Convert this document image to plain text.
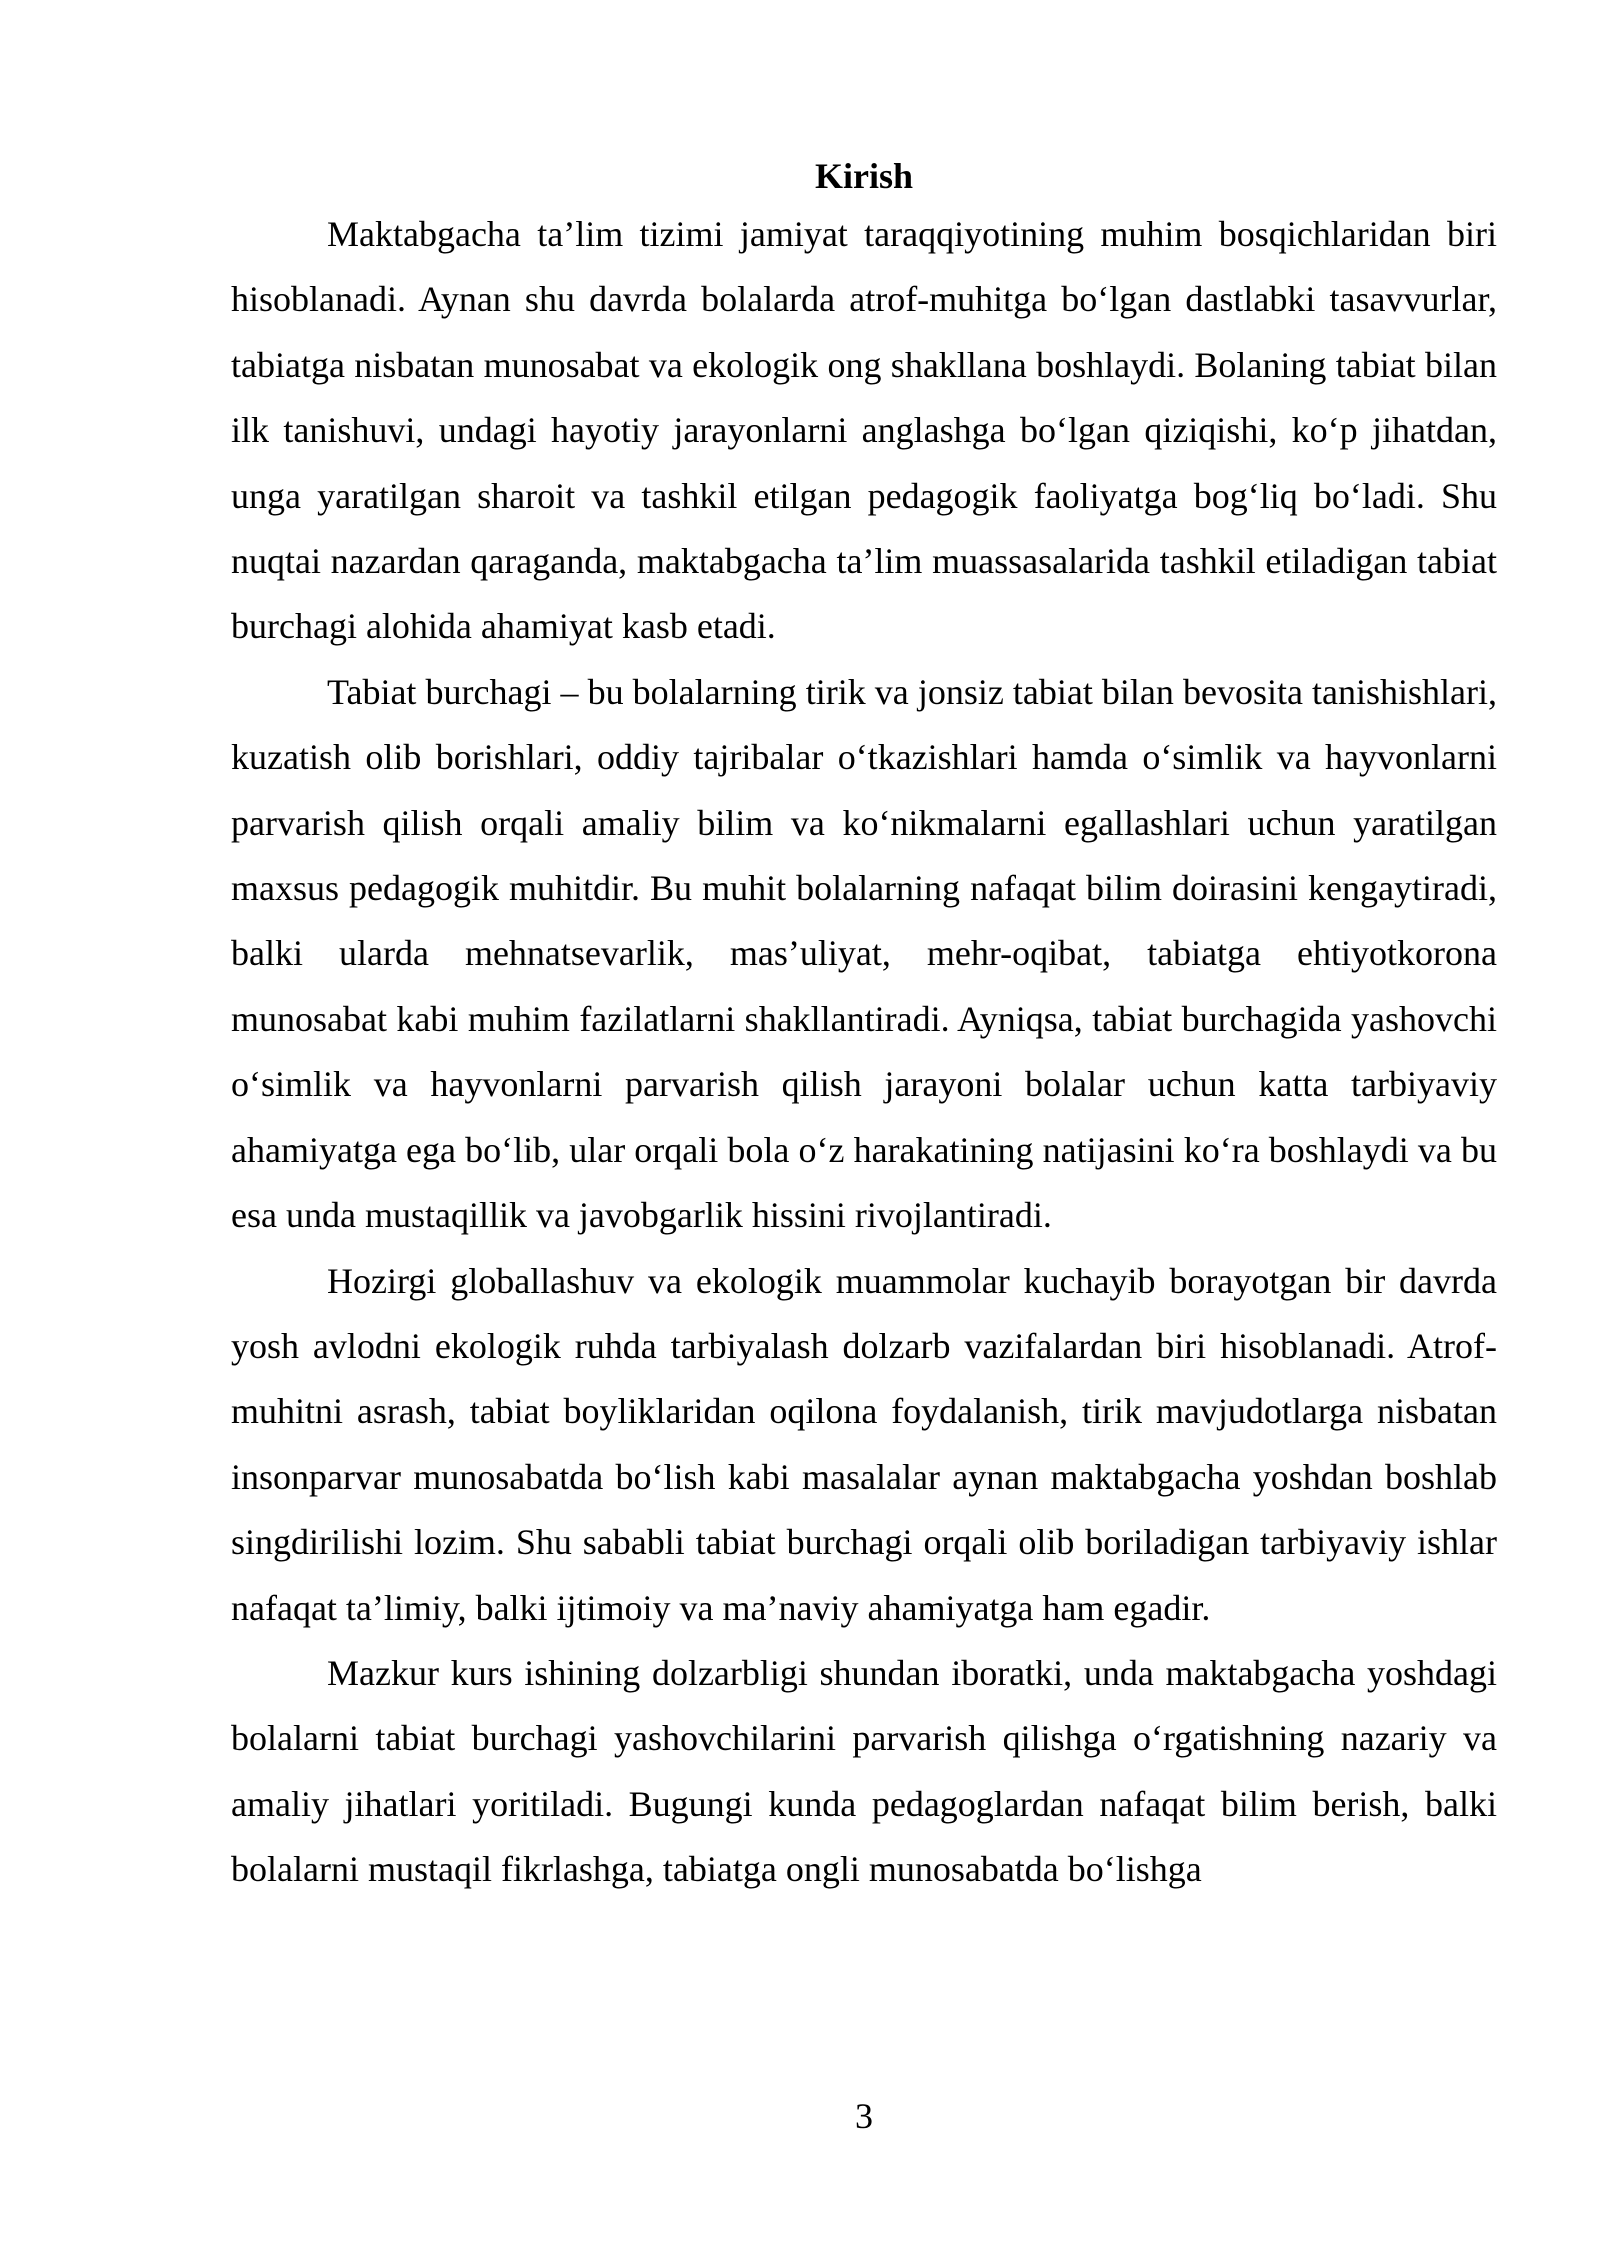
Kirish

Maktabgacha ta’lim tizimi jamiyat taraqqiyotining muhim bosqichlaridan biri hisoblanadi. Aynan shu davrda bolalarda atrof-muhitga bo‘lgan dastlabki tasavvurlar, tabiatga nisbatan munosabat va ekologik ong shakllana boshlaydi. Bolaning tabiat bilan ilk tanishuvi, undagi hayotiy jarayonlarni anglashga bo‘lgan qiziqishi, ko‘p jihatdan, unga yaratilgan sharoit va tashkil etilgan pedagogik faoliyatga bog‘liq bo‘ladi. Shu nuqtai nazardan qaraganda, maktabgacha ta’lim muassasalarida tashkil etiladigan tabiat burchagi alohida ahamiyat kasb etadi.

Tabiat burchagi – bu bolalarning tirik va jonsiz tabiat bilan bevosita tanishishlari, kuzatish olib borishlari, oddiy tajribalar o‘tkazishlari hamda o‘simlik va hayvonlarni parvarish qilish orqali amaliy bilim va ko‘nikmalarni egallashlari uchun yaratilgan maxsus pedagogik muhitdir. Bu muhit bolalarning nafaqat bilim doirasini kengaytiradi, balki ularda mehnatsevarlik, mas’uliyat, mehr-oqibat, tabiatga ehtiyotkorona munosabat kabi muhim fazilatlarni shakllantiradi. Ayniqsa, tabiat burchagida yashovchi o‘simlik va hayvonlarni parvarish qilish jarayoni bolalar uchun katta tarbiyaviy ahamiyatga ega bo‘lib, ular orqali bola o‘z harakatining natijasini ko‘ra boshlaydi va bu esa unda mustaqillik va javobgarlik hissini rivojlantiradi.

Hozirgi globallashuv va ekologik muammolar kuchayib borayotgan bir davrda yosh avlodni ekologik ruhda tarbiyalash dolzarb vazifalardan biri hisoblanadi. Atrof-muhitni asrash, tabiat boyliklaridan oqilona foydalanish, tirik mavjudotlarga nisbatan insonparvar munosabatda bo‘lish kabi masalalar aynan maktabgacha yoshdan boshlab singdirilishi lozim. Shu sababli tabiat burchagi orqali olib boriladigan tarbiyaviy ishlar nafaqat ta’limiy, balki ijtimoiy va ma’naviy ahamiyatga ham egadir.

Mazkur kurs ishining dolzarbligi shundan iboratki, unda maktabgacha yoshdagi bolalarni tabiat burchagi yashovchilarini parvarish qilishga o‘rgatishning nazariy va amaliy jihatlari yoritiladi. Bugungi kunda pedagoglardan nafaqat bilim berish, balki bolalarni mustaqil fikrlashga, tabiatga ongli munosabatda bo‘lishga

3
